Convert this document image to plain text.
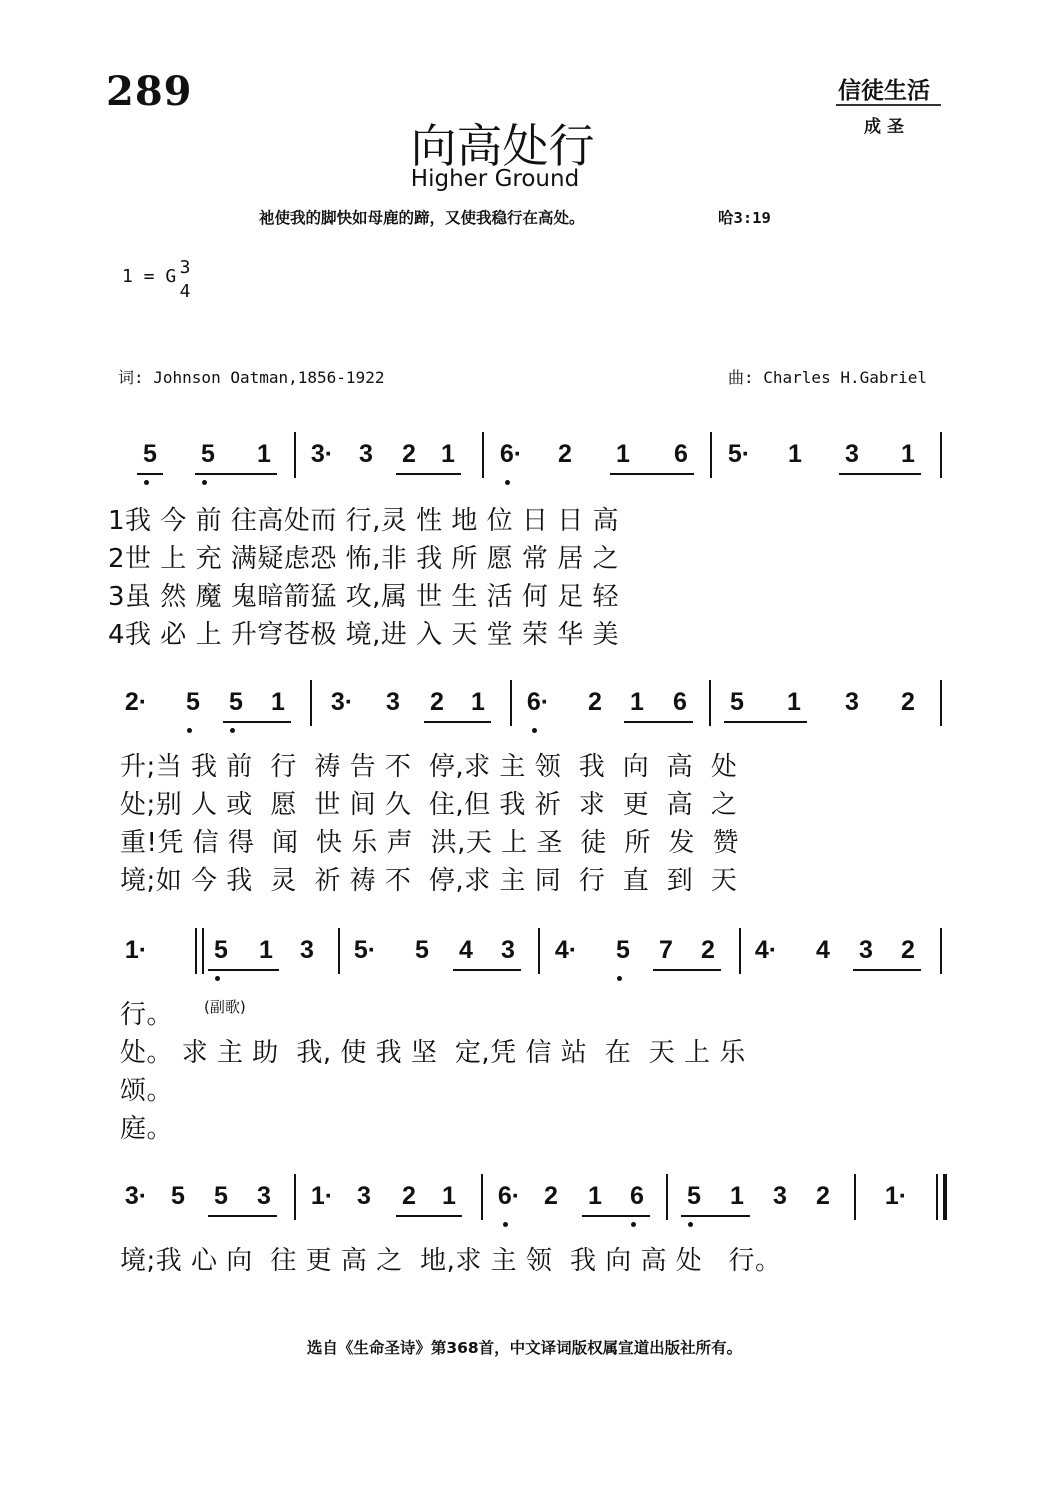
289	信徒生活
成圣
向高处行
Higher Ground
祂使我的脚快如母鹿的蹄，又使我稳行在高处。	哈3:19
1 = G 3
4
词: Johnson Oatman,1856-1922	曲: Charles H.Gabriel
5 5 1 3· 3 2 1 6· 2 1 6 5· 1 3 1
1我 今 前 往高处而 行,灵 性 地 位 日 日 高
2世 上 充 满疑虑恐 怖,非 我 所 愿 常 居 之
3虽 然 魔 鬼暗箭猛 攻,属 世 生 活 何 足 轻
4我 必 上 升穹苍极 境,进 入 天 堂 荣 华 美
2· 5 5 1 3· 3 2 1 6· 2 1 6 5 1 3 2
升;当 我 前  行  祷 告 不  停,求 主 领  我  向  高  处
处;别 人 或  愿  世 间 久  住,但 我 祈  求  更  高  之
重!凭 信 得  闻  快 乐 声  洪,天 上 圣  徒  所  发  赞
境;如 今 我  灵  祈 祷 不  停,求 主 同  行  直  到  天
1·	5 1 3 5· 5 4 3 4· 5 7 2 4· 4 3 2
行。
处。 求 主 助  我, 使 我 坚  定,凭 信 站  在  天 上 乐
颂。
庭。
(副歌)
3· 5 5 3 1· 3 2 1 6· 2 1 6 5 1 3 2 1·
境;我 心 向  往 更 高 之  地,求 主 领  我 向 高 处   行。
选自《生命圣诗》第368首，中文译词版权属宣道出版社所有。
